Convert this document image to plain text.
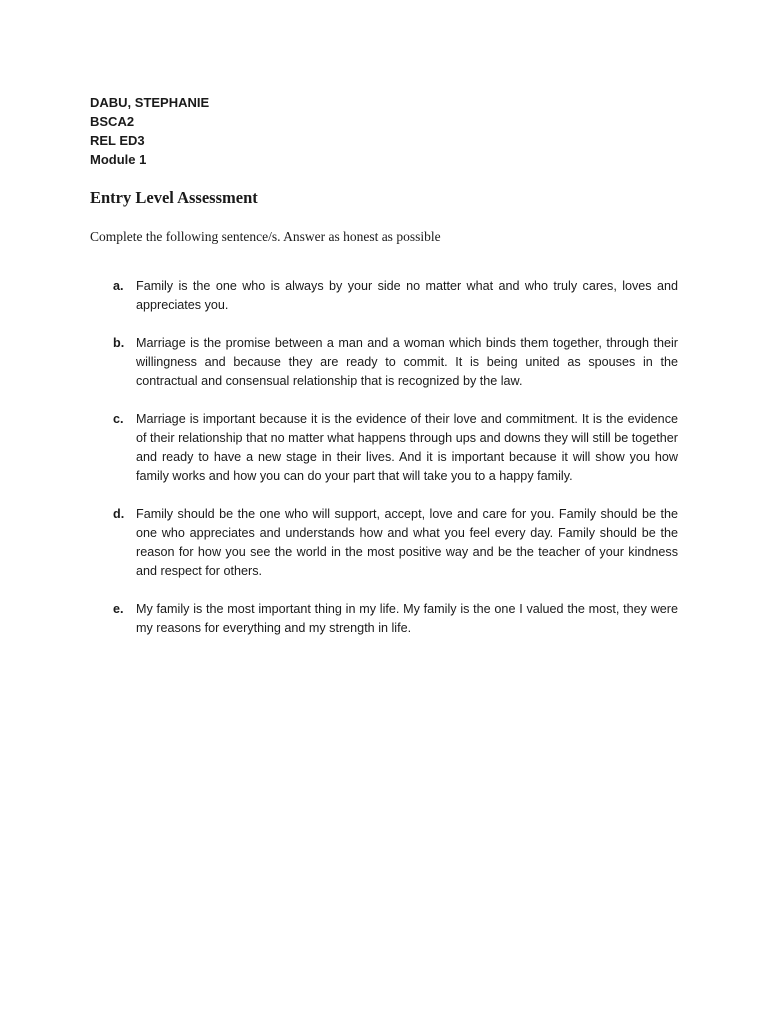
DABU, STEPHANIE
BSCA2
REL ED3
Module 1
Entry Level Assessment
Complete the following sentence/s. Answer as honest as possible
a. Family is the one who is always by your side no matter what and who truly cares, loves and appreciates you.
b. Marriage is the promise between a man and a woman which binds them together, through their willingness and because they are ready to commit. It is being united as spouses in the contractual and consensual relationship that is recognized by the law.
c. Marriage is important because it is the evidence of their love and commitment. It is the evidence of their relationship that no matter what happens through ups and downs they will still be together and ready to have a new stage in their lives. And it is important because it will show you how family works and how you can do your part that will take you to a happy family.
d. Family should be the one who will support, accept, love and care for you. Family should be the one who appreciates and understands how and what you feel every day. Family should be the reason for how you see the world in the most positive way and be the teacher of your kindness and respect for others.
e. My family is the most important thing in my life. My family is the one I valued the most, they were my reasons for everything and my strength in life.
